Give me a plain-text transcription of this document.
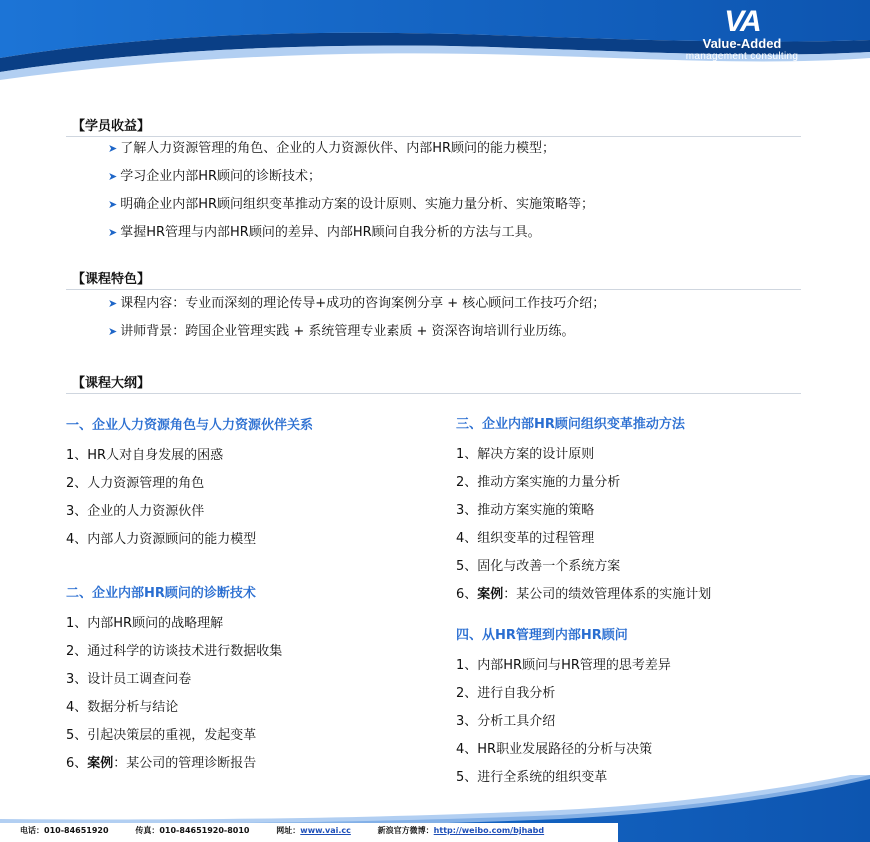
VA
Value-Added
management consulting
【学员收益】
➤ 了解人力资源管理的角色、企业的人力资源伙伴、内部HR顾问的能力模型；
➤ 学习企业内部HR顾问的诊断技术；
➤ 明确企业内部HR顾问组织变革推动方案的设计原则、实施力量分析、实施策略等；
➤ 掌握HR管理与内部HR顾问的差异、内部HR顾问自我分析的方法与工具。
【课程特色】
➤ 课程内容：专业而深刻的理论传导+成功的咨询案例分享 + 核心顾问工作技巧介绍；
➤ 讲师背景：跨国企业管理实践 + 系统管理专业素质 + 资深咨询培训行业历练。
【课程大纲】
一、企业人力资源角色与人力资源伙伴关系
1、HR人对自身发展的困惑
2、人力资源管理的角色
3、企业的人力资源伙伴
4、内部人力资源顾问的能力模型
二、企业内部HR顾问的诊断技术
1、内部HR顾问的战略理解
2、通过科学的访谈技术进行数据收集
3、设计员工调查问卷
4、数据分析与结论
5、引起决策层的重视，发起变革
6、案例：某公司的管理诊断报告
三、企业内部HR顾问组织变革推动方法
1、解决方案的设计原则
2、推动方案实施的力量分析
3、推动方案实施的策略
4、组织变革的过程管理
5、固化与改善一个系统方案
6、案例：某公司的绩效管理体系的实施计划
四、从HR管理到内部HR顾问
1、内部HR顾问与HR管理的思考差异
2、进行自我分析
3、分析工具介绍
4、HR职业发展路径的分析与决策
5、进行全系统的组织变革
电话：010-84651920	传真：010-84651920-8010	网址：www.vai.cc	新浪官方微博：http://weibo.com/bjhabd
